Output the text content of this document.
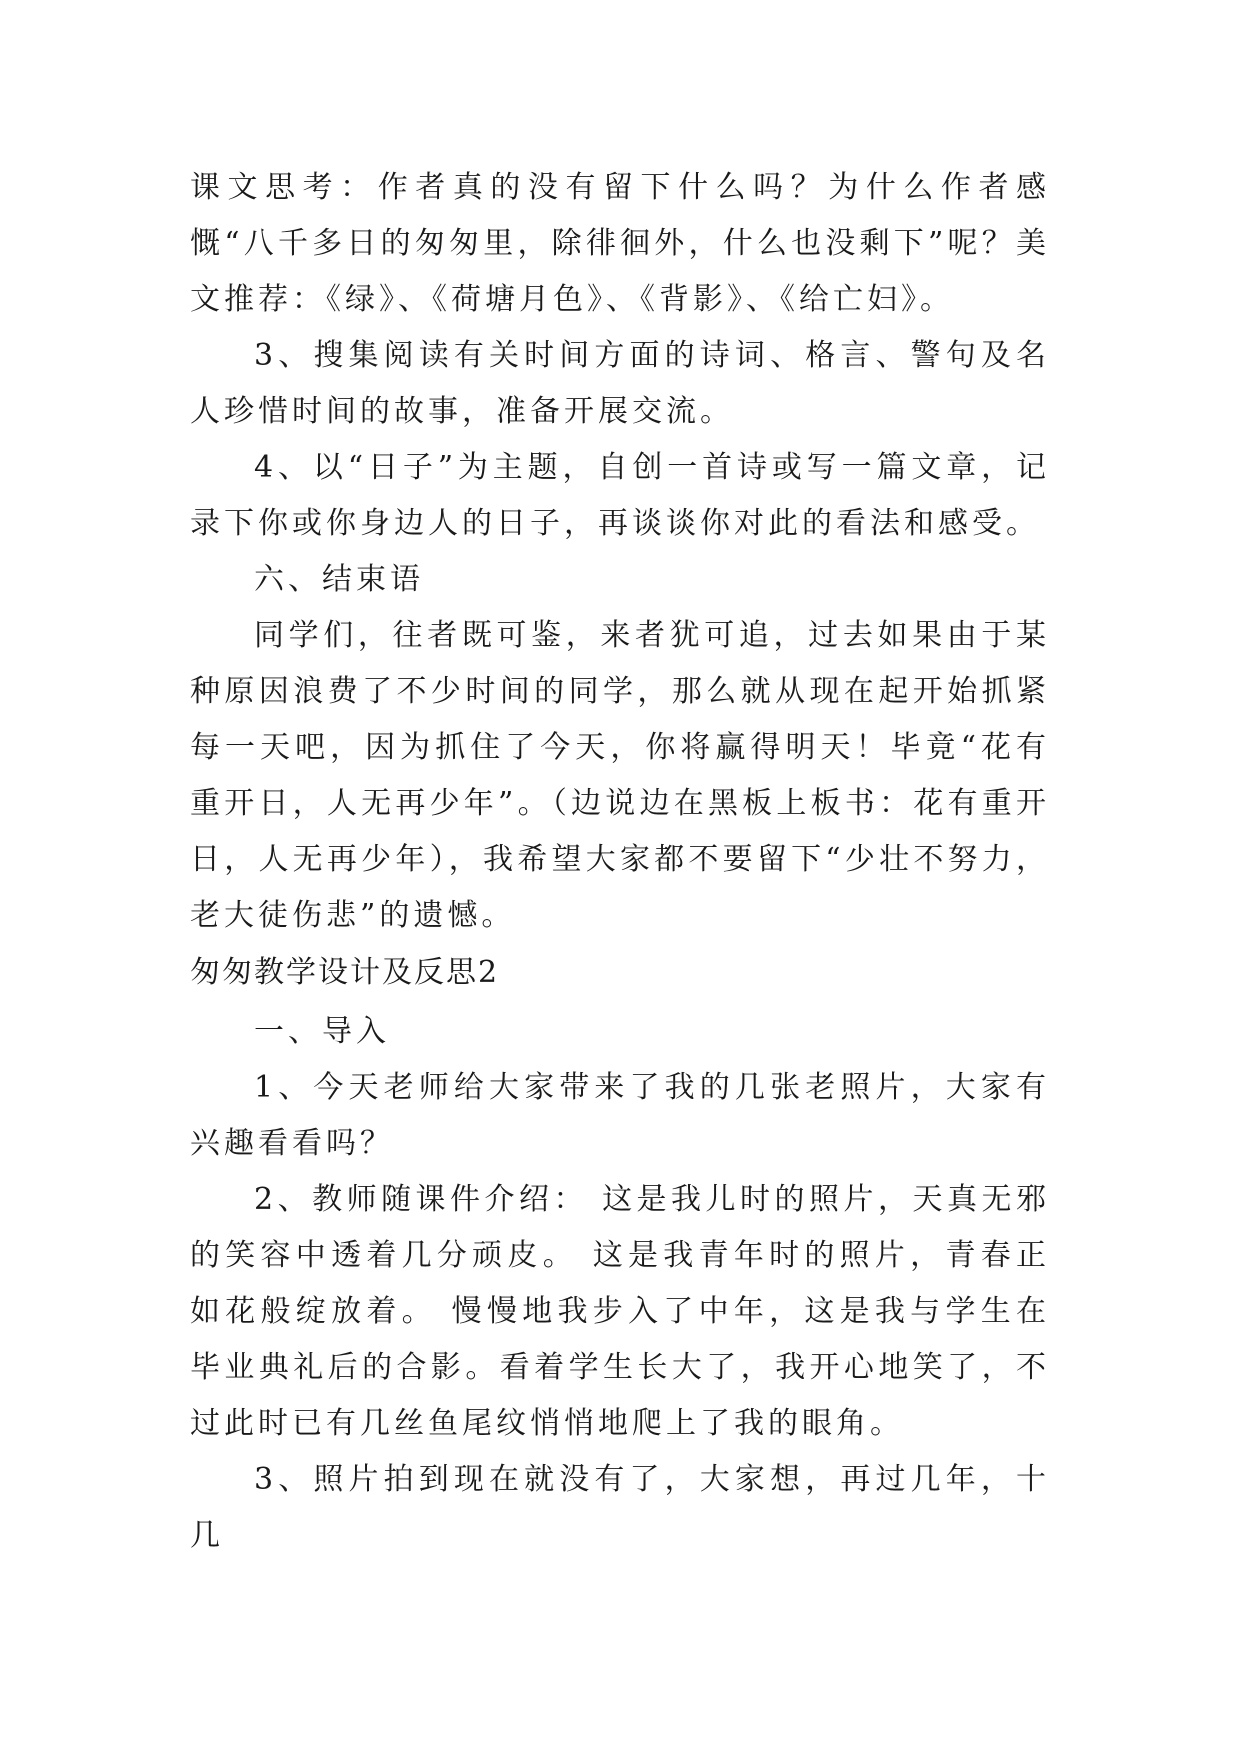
课文思考：作者真的没有留下什么吗？为什么作者感慨“八千多日的匆匆里，除徘徊外，什么也没剩下”呢？美文推荐：《绿》、《荷塘月色》、《背影》、《给亡妇》。

3、搜集阅读有关时间方面的诗词、格言、警句及名人珍惜时间的故事，准备开展交流。

4、以“日子”为主题，自创一首诗或写一篇文章，记录下你或你身边人的日子，再谈谈你对此的看法和感受。

六、结束语

同学们，往者既可鉴，来者犹可追，过去如果由于某种原因浪费了不少时间的同学，那么就从现在起开始抓紧每一天吧，因为抓住了今天，你将赢得明天！毕竟“花有重开日，人无再少年”。（边说边在黑板上板书：花有重开日，人无再少年），我希望大家都不要留下“少壮不努力，老大徒伤悲”的遗憾。

匆匆教学设计及反思2

一、导入

1、今天老师给大家带来了我的几张老照片，大家有兴趣看看吗？

2、教师随课件介绍： 这是我儿时的照片，天真无邪的笑容中透着几分顽皮。 这是我青年时的照片，青春正如花般绽放着。 慢慢地我步入了中年，这是我与学生在毕业典礼后的合影。看着学生长大了，我开心地笑了，不过此时已有几丝鱼尾纹悄悄地爬上了我的眼角。

3、照片拍到现在就没有了，大家想，再过几年，十几
